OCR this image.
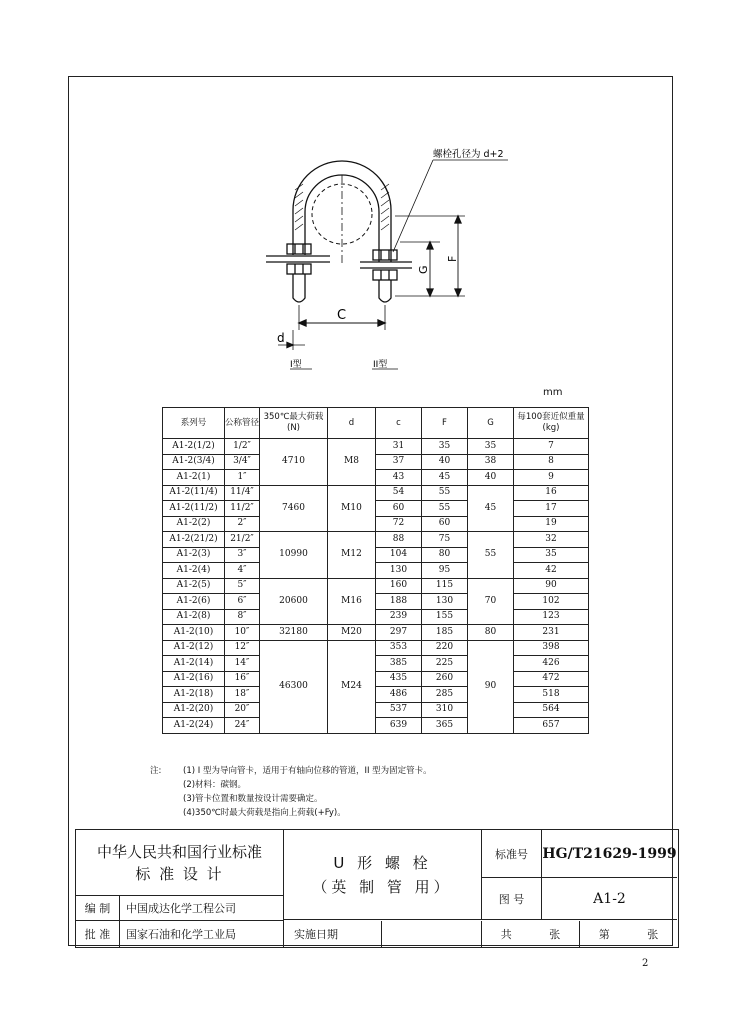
螺栓孔径为 d+2
C
d
G
F
I型	II型
mm
系列号	公称管径	350℃最大荷载(N)	d	c	F	G	每100套近似重量(kg)
A1-2(1/2)	1/2″	4710	M8	31	35	35	7
A1-2(3/4)	3/4″			37	40	38	8
A1-2(1)	1″			43	45	40	9
A1-2(11/4)	11/4″	7460	M10	54	55	45	16
A1-2(11/2)	11/2″			60	55		17
A1-2(2)	2″			72	60		19
A1-2(21/2)	21/2″	10990	M12	88	75	55	32
A1-2(3)	3″			104	80		35
A1-2(4)	4″			130	95		42
A1-2(5)	5″	20600	M16	160	115	70	90
A1-2(6)	6″			188	130		102
A1-2(8)	8″			239	155		123
A1-2(10)	10″	32180	M20	297	185	80	231
A1-2(12)	12″	46300	M24	353	220	90	398
A1-2(14)	14″			385	225		426
A1-2(16)	16″			435	260		472
A1-2(18)	18″			486	285		518
A1-2(20)	20″			537	310		564
A1-2(24)	24″			639	365		657
注:	(1) I 型为导向管卡，适用于有轴向位移的管道，II 型为固定管卡。
(2)材料：碳钢。
(3)管卡位置和数量按设计需要确定。
(4)350℃时最大荷载是指向上荷载(+Fy)。
中华人民共和国行业标准
标 准 设 计
U 形 螺 栓
（英 制 管 用）
标准号	HG/T21629-1999
图 号	A1-2
编 制	中国成达化学工程公司
批 准	国家石油和化学工业局	实施日期	共	张	第	张
2
